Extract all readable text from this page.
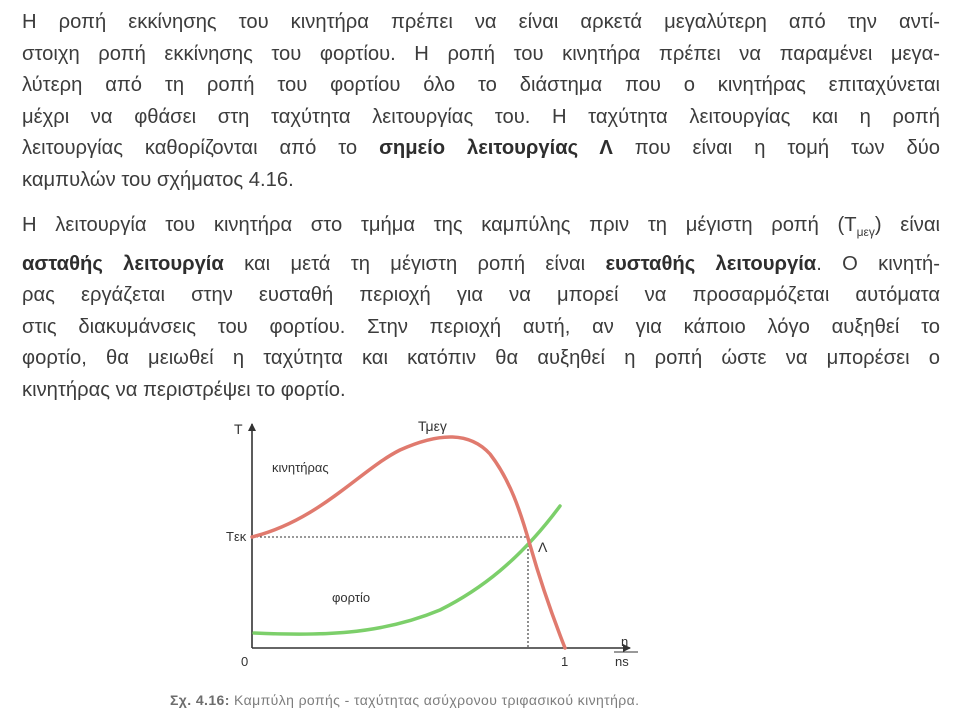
Η ροπή εκκίνησης του κινητήρα πρέπει να είναι αρκετά μεγαλύτερη από την αντί-
στοιχη ροπή εκκίνησης του φορτίου. Η ροπή του κινητήρα πρέπει να παραμένει μεγα-
λύτερη από τη ροπή του φορτίου όλο το διάστημα που ο κινητήρας επιταχύνεται
μέχρι να φθάσει στη ταχύτητα λειτουργίας του. Η ταχύτητα λειτουργίας και η ροπή
λειτουργίας καθορίζονται από το σημείο λειτουργίας Λ που είναι η τομή των δύο
καμπυλών του σχήματος 4.16.
Η λειτουργία του κινητήρα στο τμήμα της καμπύλης πριν τη μέγιστη ροπή $(T_{\mu\varepsilon\gamma})$ είναι
ασταθής λειτουργία και μετά τη μέγιστη ροπή είναι ευσταθής λειτουργία. Ο κινητή-
ρας εργάζεται στην ευσταθή περιοχή για να μπορεί να προσαρμόζεται αυτόματα
στις διακυμάνσεις του φορτίου. Στην περιοχή αυτή, αν για κάποιο λόγο αυξηθεί το
φορτίο, θα μειωθεί η ταχύτητα και κατόπιν θα αυξηθεί η ροπή ώστε να μπορέσει ο
κινητήρας να περιστρέψει το φορτίο.
T	Τμεγ
κινητήρας
Tεκ
Λ
φορτίο
0	1
n
ns
Σχ. 4.16: Καμπύλη ροπής - ταχύτητας ασύχρονου τριφασικού κινητήρα.
